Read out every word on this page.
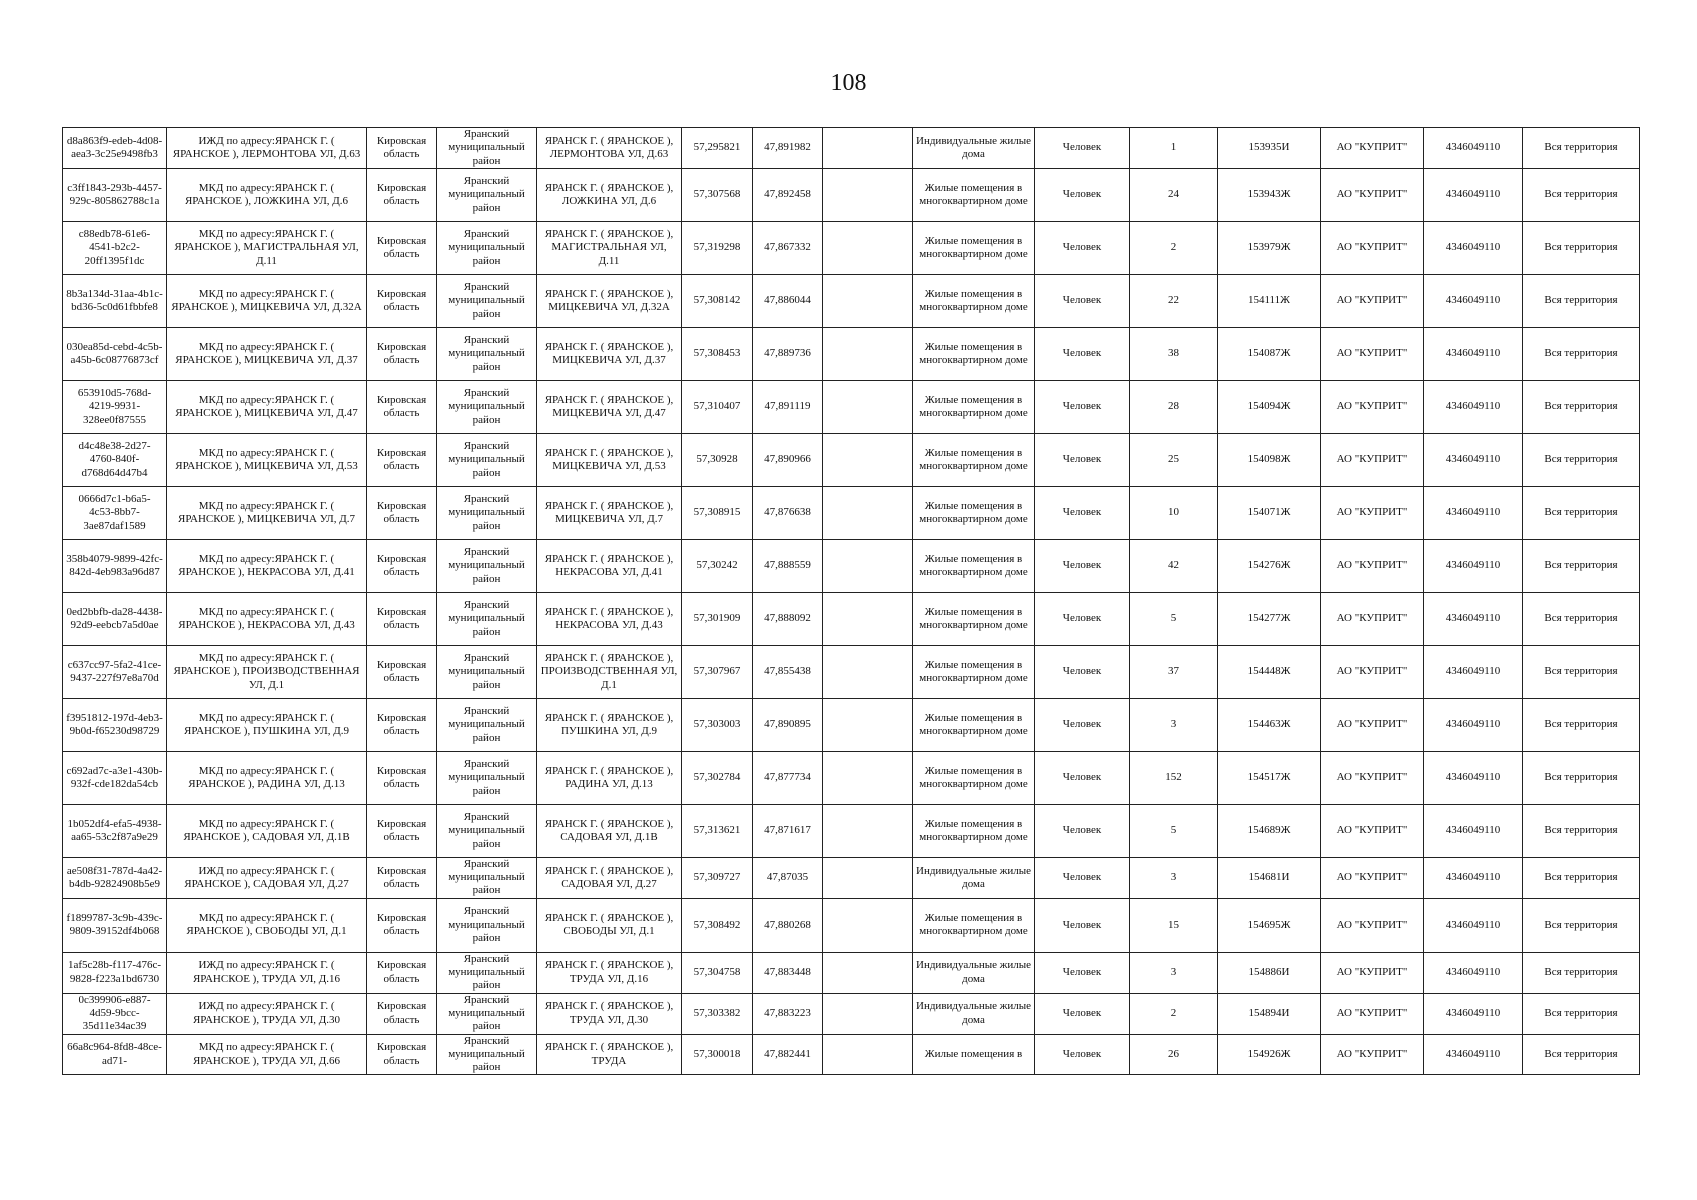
108
d8a863f9-edeb-4d08-aea3-3c25e9498fb3	ИЖД по адресу:ЯРАНСК Г. ( ЯРАНСКОЕ ), ЛЕРМОНТОВА УЛ, Д.63	Кировская область	Яранский муниципальный район	ЯРАНСК Г. ( ЯРАНСКОЕ ), ЛЕРМОНТОВА УЛ, Д.63	57,295821	47,891982		Индивидуальные жилые дома	Человек	1	153935И	АО "КУПРИТ"	4346049110	Вся территория
c3ff1843-293b-4457-929c-805862788c1a	МКД по адресу:ЯРАНСК Г. ( ЯРАНСКОЕ ), ЛОЖКИНА УЛ, Д.6	Кировская область	Яранский муниципальный район	ЯРАНСК Г. ( ЯРАНСКОЕ ), ЛОЖКИНА УЛ, Д.6	57,307568	47,892458		Жилые помещения в многоквартирном доме	Человек	24	153943Ж	АО "КУПРИТ"	4346049110	Вся территория
c88edb78-61e6-4541-b2c2-20ff1395f1dc	МКД по адресу:ЯРАНСК Г. ( ЯРАНСКОЕ ), МАГИСТРАЛЬНАЯ УЛ, Д.11	Кировская область	Яранский муниципальный район	ЯРАНСК Г. ( ЯРАНСКОЕ ), МАГИСТРАЛЬНАЯ УЛ, Д.11	57,319298	47,867332		Жилые помещения в многоквартирном доме	Человек	2	153979Ж	АО "КУПРИТ"	4346049110	Вся территория
8b3a134d-31aa-4b1c-bd36-5c0d61fbbfe8	МКД по адресу:ЯРАНСК Г. ( ЯРАНСКОЕ ), МИЦКЕВИЧА УЛ, Д.32А	Кировская область	Яранский муниципальный район	ЯРАНСК Г. ( ЯРАНСКОЕ ), МИЦКЕВИЧА УЛ, Д.32А	57,308142	47,886044		Жилые помещения в многоквартирном доме	Человек	22	154111Ж	АО "КУПРИТ"	4346049110	Вся территория
030ea85d-cebd-4c5b-a45b-6c08776873cf	МКД по адресу:ЯРАНСК Г. ( ЯРАНСКОЕ ), МИЦКЕВИЧА УЛ, Д.37	Кировская область	Яранский муниципальный район	ЯРАНСК Г. ( ЯРАНСКОЕ ), МИЦКЕВИЧА УЛ, Д.37	57,308453	47,889736		Жилые помещения в многоквартирном доме	Человек	38	154087Ж	АО "КУПРИТ"	4346049110	Вся территория
653910d5-768d-4219-9931-328ee0f87555	МКД по адресу:ЯРАНСК Г. ( ЯРАНСКОЕ ), МИЦКЕВИЧА УЛ, Д.47	Кировская область	Яранский муниципальный район	ЯРАНСК Г. ( ЯРАНСКОЕ ), МИЦКЕВИЧА УЛ, Д.47	57,310407	47,891119		Жилые помещения в многоквартирном доме	Человек	28	154094Ж	АО "КУПРИТ"	4346049110	Вся территория
d4c48e38-2d27-4760-840f-d768d64d47b4	МКД по адресу:ЯРАНСК Г. ( ЯРАНСКОЕ ), МИЦКЕВИЧА УЛ, Д.53	Кировская область	Яранский муниципальный район	ЯРАНСК Г. ( ЯРАНСКОЕ ), МИЦКЕВИЧА УЛ, Д.53	57,30928	47,890966		Жилые помещения в многоквартирном доме	Человек	25	154098Ж	АО "КУПРИТ"	4346049110	Вся территория
0666d7c1-b6a5-4c53-8bb7-3ae87daf1589	МКД по адресу:ЯРАНСК Г. ( ЯРАНСКОЕ ), МИЦКЕВИЧА УЛ, Д.7	Кировская область	Яранский муниципальный район	ЯРАНСК Г. ( ЯРАНСКОЕ ), МИЦКЕВИЧА УЛ, Д.7	57,308915	47,876638		Жилые помещения в многоквартирном доме	Человек	10	154071Ж	АО "КУПРИТ"	4346049110	Вся территория
358b4079-9899-42fc-842d-4eb983a96d87	МКД по адресу:ЯРАНСК Г. ( ЯРАНСКОЕ ), НЕКРАСОВА УЛ, Д.41	Кировская область	Яранский муниципальный район	ЯРАНСК Г. ( ЯРАНСКОЕ ), НЕКРАСОВА УЛ, Д.41	57,30242	47,888559		Жилые помещения в многоквартирном доме	Человек	42	154276Ж	АО "КУПРИТ"	4346049110	Вся территория
0ed2bbfb-da28-4438-92d9-eebcb7a5d0ae	МКД по адресу:ЯРАНСК Г. ( ЯРАНСКОЕ ), НЕКРАСОВА УЛ, Д.43	Кировская область	Яранский муниципальный район	ЯРАНСК Г. ( ЯРАНСКОЕ ), НЕКРАСОВА УЛ, Д.43	57,301909	47,888092		Жилые помещения в многоквартирном доме	Человек	5	154277Ж	АО "КУПРИТ"	4346049110	Вся территория
c637cc97-5fa2-41ce-9437-227f97e8a70d	МКД по адресу:ЯРАНСК Г. ( ЯРАНСКОЕ ), ПРОИЗВОДСТВЕННАЯ УЛ, Д.1	Кировская область	Яранский муниципальный район	ЯРАНСК Г. ( ЯРАНСКОЕ ), ПРОИЗВОДСТВЕННАЯ УЛ, Д.1	57,307967	47,855438		Жилые помещения в многоквартирном доме	Человек	37	154448Ж	АО "КУПРИТ"	4346049110	Вся территория
f3951812-197d-4eb3-9b0d-f65230d98729	МКД по адресу:ЯРАНСК Г. ( ЯРАНСКОЕ ), ПУШКИНА УЛ, Д.9	Кировская область	Яранский муниципальный район	ЯРАНСК Г. ( ЯРАНСКОЕ ), ПУШКИНА УЛ, Д.9	57,303003	47,890895		Жилые помещения в многоквартирном доме	Человек	3	154463Ж	АО "КУПРИТ"	4346049110	Вся территория
c692ad7c-a3e1-430b-932f-cde182da54cb	МКД по адресу:ЯРАНСК Г. ( ЯРАНСКОЕ ), РАДИНА УЛ, Д.13	Кировская область	Яранский муниципальный район	ЯРАНСК Г. ( ЯРАНСКОЕ ), РАДИНА УЛ, Д.13	57,302784	47,877734		Жилые помещения в многоквартирном доме	Человек	152	154517Ж	АО "КУПРИТ"	4346049110	Вся территория
1b052df4-efa5-4938-aa65-53c2f87a9e29	МКД по адресу:ЯРАНСК Г. ( ЯРАНСКОЕ ), САДОВАЯ УЛ, Д.1В	Кировская область	Яранский муниципальный район	ЯРАНСК Г. ( ЯРАНСКОЕ ), САДОВАЯ УЛ, Д.1В	57,313621	47,871617		Жилые помещения в многоквартирном доме	Человек	5	154689Ж	АО "КУПРИТ"	4346049110	Вся территория
ae508f31-787d-4a42-b4db-92824908b5e9	ИЖД по адресу:ЯРАНСК Г. ( ЯРАНСКОЕ ), САДОВАЯ УЛ, Д.27	Кировская область	Яранский муниципальный район	ЯРАНСК Г. ( ЯРАНСКОЕ ), САДОВАЯ УЛ, Д.27	57,309727	47,87035		Индивидуальные жилые дома	Человек	3	154681И	АО "КУПРИТ"	4346049110	Вся территория
f1899787-3c9b-439c-9809-39152df4b068	МКД по адресу:ЯРАНСК Г. ( ЯРАНСКОЕ ), СВОБОДЫ УЛ, Д.1	Кировская область	Яранский муниципальный район	ЯРАНСК Г. ( ЯРАНСКОЕ ), СВОБОДЫ УЛ, Д.1	57,308492	47,880268		Жилые помещения в многоквартирном доме	Человек	15	154695Ж	АО "КУПРИТ"	4346049110	Вся территория
1af5c28b-f117-476c-9828-f223a1bd6730	ИЖД по адресу:ЯРАНСК Г. ( ЯРАНСКОЕ ), ТРУДА УЛ, Д.16	Кировская область	Яранский муниципальный район	ЯРАНСК Г. ( ЯРАНСКОЕ ), ТРУДА УЛ, Д.16	57,304758	47,883448		Индивидуальные жилые дома	Человек	3	154886И	АО "КУПРИТ"	4346049110	Вся территория
0c399906-e887-4d59-9bcc-35d11e34ac39	ИЖД по адресу:ЯРАНСК Г. ( ЯРАНСКОЕ ), ТРУДА УЛ, Д.30	Кировская область	Яранский муниципальный район	ЯРАНСК Г. ( ЯРАНСКОЕ ), ТРУДА УЛ, Д.30	57,303382	47,883223		Индивидуальные жилые дома	Человек	2	154894И	АО "КУПРИТ"	4346049110	Вся территория
66a8c964-8fd8-48ce-ad71-	МКД по адресу:ЯРАНСК Г. ( ЯРАНСКОЕ ), ТРУДА УЛ, Д.66	Кировская область	Яранский муниципальный район	ЯРАНСК Г. ( ЯРАНСКОЕ ), ТРУДА	57,300018	47,882441		Жилые помещения в	Человек	26	154926Ж	АО "КУПРИТ"	4346049110	Вся территория
